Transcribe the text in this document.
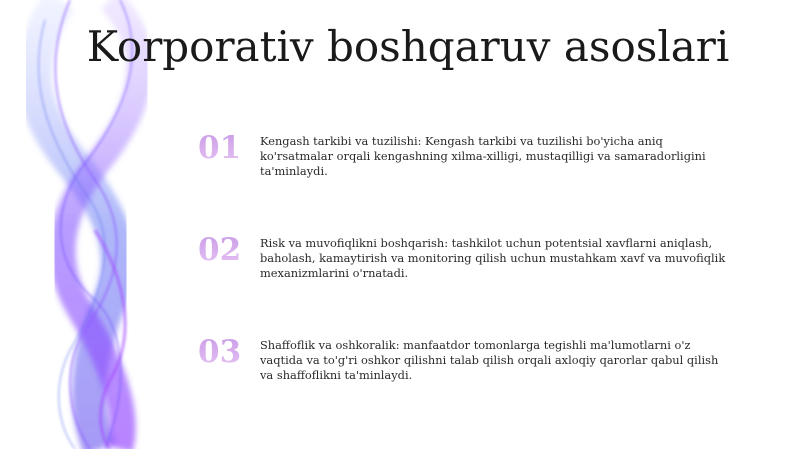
Korporativ boshqaruv asoslari
01	Kengash tarkibi va tuzilishi: Kengash tarkibi va tuzilishi bo'yicha aniq ko'rsatmalar orqali kengashning xilma-xilligi, mustaqilligi va samaradorligini ta'minlaydi.
02	Risk va muvofiqlikni boshqarish: tashkilot uchun potentsial xavflarni aniqlash, baholash, kamaytirish va monitoring qilish uchun mustahkam xavf va muvofiqlik mexanizmlarini o'rnatadi.
03	Shaffoflik va oshkoralik: manfaatdor tomonlarga tegishli ma'lumotlarni o'z vaqtida va to'g'ri oshkor qilishni talab qilish orqali axloqiy qarorlar qabul qilish va shaffoflikni ta'minlaydi.
